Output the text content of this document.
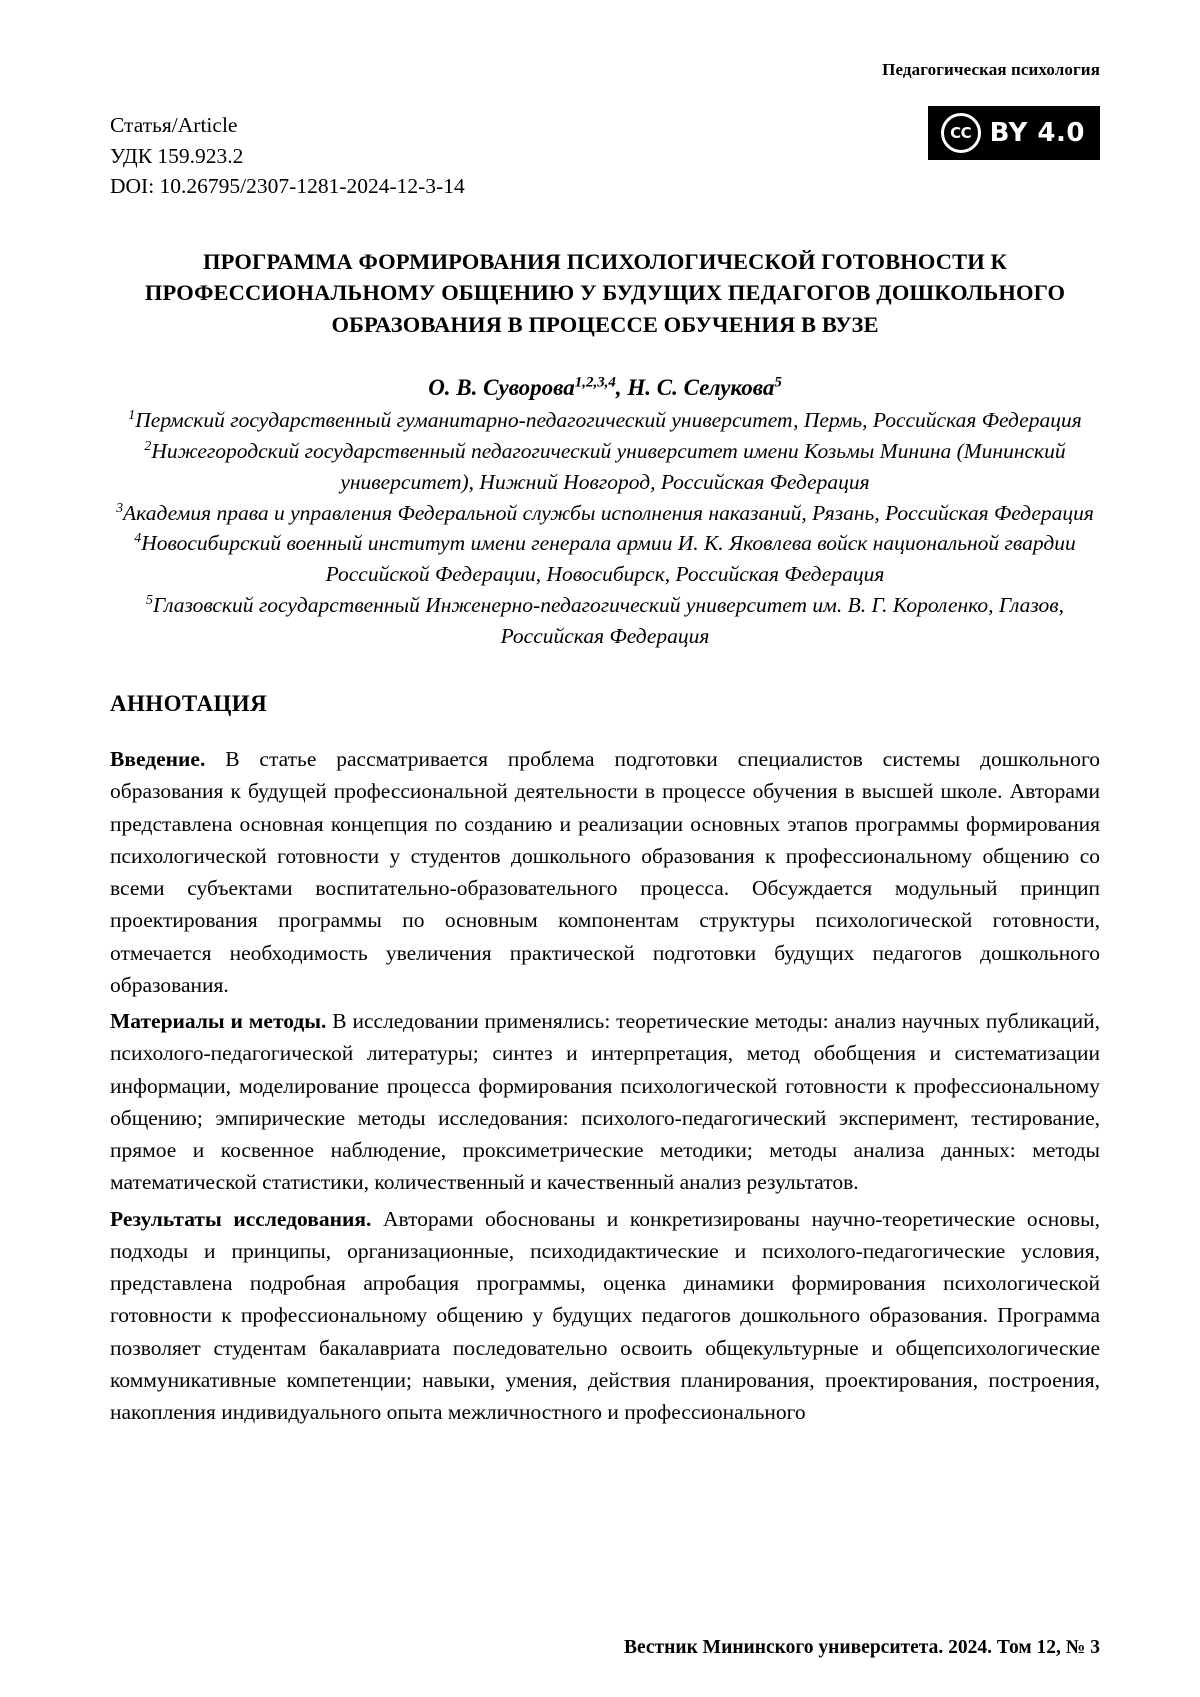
Педагогическая психология
Статья/Article
УДК 159.923.2
DOI: 10.26795/2307-1281-2024-12-3-14
CC BY 4.0
ПРОГРАММА ФОРМИРОВАНИЯ ПСИХОЛОГИЧЕСКОЙ ГОТОВНОСТИ К ПРОФЕССИОНАЛЬНОМУ ОБЩЕНИЮ У БУДУЩИХ ПЕДАГОГОВ ДОШКОЛЬНОГО ОБРАЗОВАНИЯ В ПРОЦЕССЕ ОБУЧЕНИЯ В ВУЗЕ
О. В. Суворова$^{1,2,3,4}$, Н. С. Селукова$^5$

$^1$Пермский государственный гуманитарно-педагогический университет, Пермь, Российская Федерация

$^2$Нижегородский государственный педагогический университет имени Козьмы Минина (Мининский университет), Нижний Новгород, Российская Федерация

$^3$Академия права и управления Федеральной службы исполнения наказаний, Рязань, Российская Федерация

$^4$Новосибирский военный институт имени генерала армии И. К. Яковлева войск национальной гвардии Российской Федерации, Новосибирск, Российская Федерация

$^5$Глазовский государственный Инженерно-педагогический университет им. В. Г. Короленко, Глазов, Российская Федерация

АННОТАЦИЯ

Введение. В статье рассматривается проблема подготовки специалистов системы дошкольного образования к будущей профессиональной деятельности в процессе обучения в высшей школе. Авторами представлена основная концепция по созданию и реализации основных этапов программы формирования психологической готовности у студентов дошкольного образования к профессиональному общению со всеми субъектами воспитательно-образовательного процесса. Обсуждается модульный принцип проектирования программы по основным компонентам структуры психологической готовности, отмечается необходимость увеличения практической подготовки будущих педагогов дошкольного образования.

Материалы и методы. В исследовании применялись: теоретические методы: анализ научных публикаций, психолого-педагогической литературы; синтез и интерпретация, метод обобщения и систематизации информации, моделирование процесса формирования психологической готовности к профессиональному общению; эмпирические методы исследования: психолого-педагогический эксперимент, тестирование, прямое и косвенное наблюдение, проксиметрические методики; методы анализа данных: методы математической статистики, количественный и качественный анализ результатов.

Результаты исследования. Авторами обоснованы и конкретизированы научно-теоретические основы, подходы и принципы, организационные, психодидактические и психолого-педагогические условия, представлена подробная апробация программы, оценка динамики формирования психологической готовности к профессиональному общению у будущих педагогов дошкольного образования. Программа позволяет студентам бакалавриата последовательно освоить общекультурные и общепсихологические коммуникативные компетенции; навыки, умения, действия планирования, проектирования, построения, накопления индивидуального опыта межличностного и профессионального

Вестник Мининского университета. 2024. Том 12, № 3
